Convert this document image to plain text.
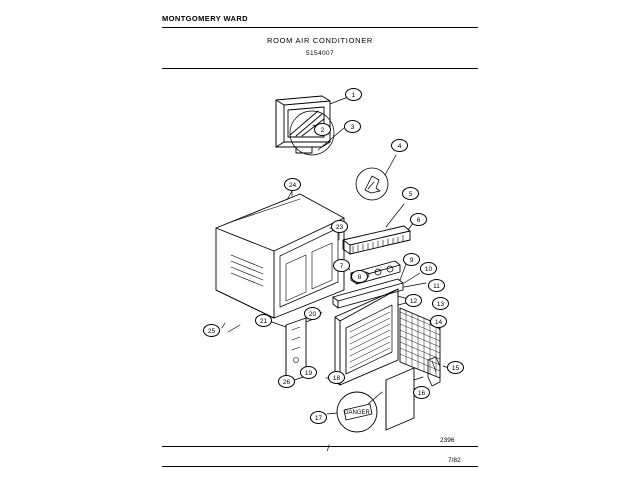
MONTGOMERY WARD
ROOM AIR CONDITIONER
5154007
2396
7/82
/
DANGER
1
2	3
4
5
6
7
8
9
10
11
12	13
14
15
16
17
18
19
20
21
23
24
25
26
